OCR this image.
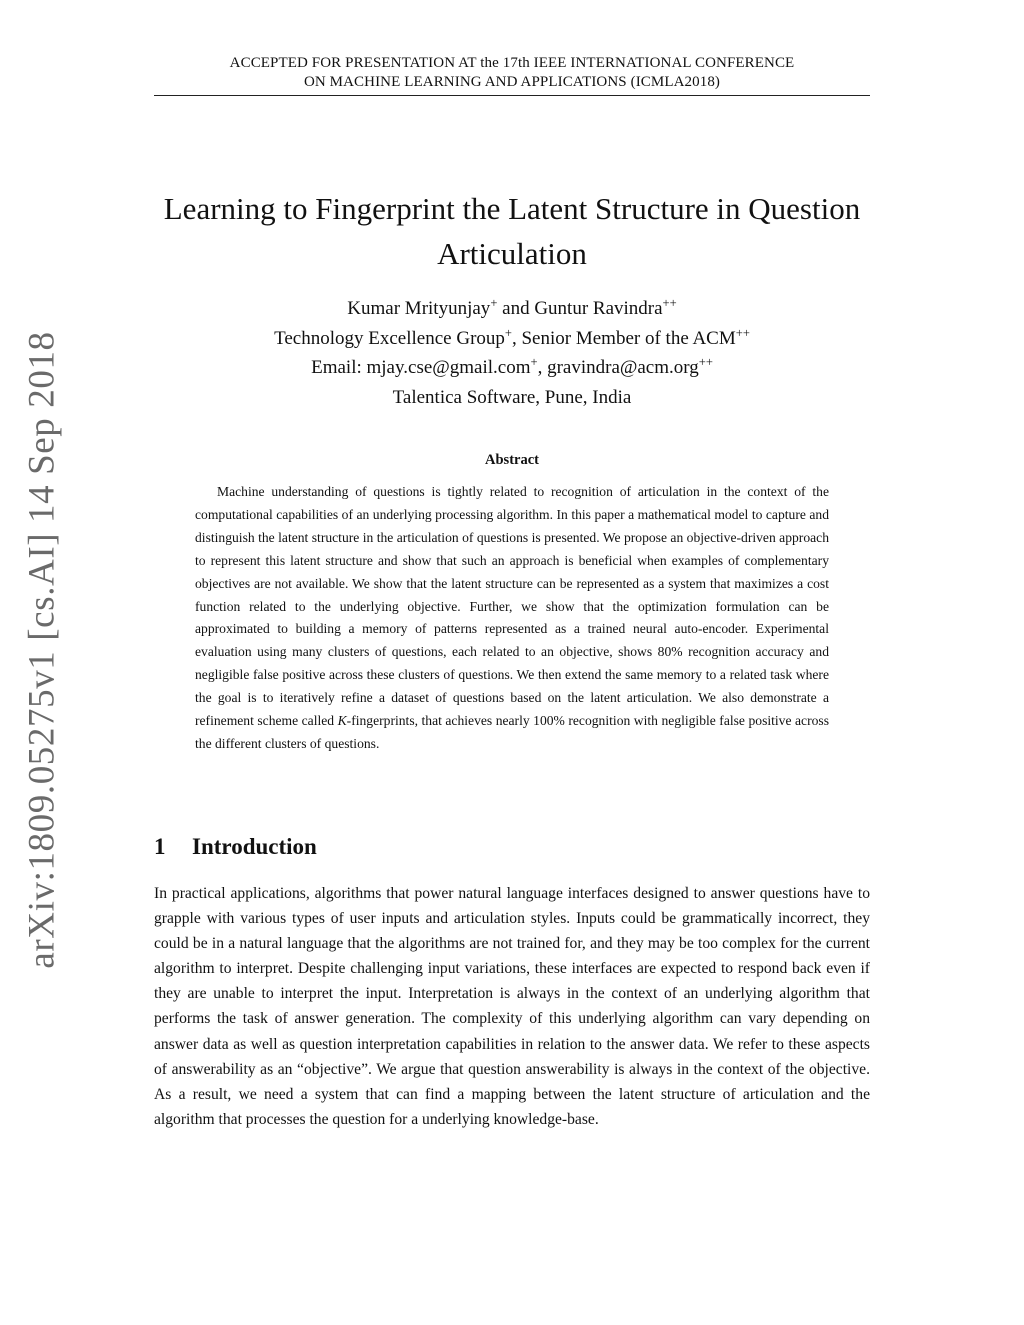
ACCEPTED FOR PRESENTATION AT the 17th IEEE INTERNATIONAL CONFERENCE
ON MACHINE LEARNING AND APPLICATIONS (ICMLA2018)
arXiv:1809.05275v1 [cs.AI] 14 Sep 2018
Learning to Fingerprint the Latent Structure in Question
Articulation
Kumar Mrityunjay+ and Guntur Ravindra++
Technology Excellence Group+, Senior Member of the ACM++
Email: mjay.cse@gmail.com+, gravindra@acm.org++
Talentica Software, Pune, India
Abstract

Machine understanding of questions is tightly related to recognition of articulation in the context of the computational capabilities of an underlying processing algorithm. In this paper a mathematical model to capture and distinguish the latent structure in the articulation of questions is presented. We propose an objective-driven approach to represent this latent structure and show that such an approach is beneficial when examples of complementary objectives are not available. We show that the latent structure can be represented as a system that maximizes a cost function related to the underlying objective. Further, we show that the optimization formulation can be approximated to building a memory of patterns represented as a trained neural auto-encoder. Experimental evaluation using many clusters of questions, each related to an objective, shows 80% recognition accuracy and negligible false positive across these clusters of questions. We then extend the same memory to a related task where the goal is to iteratively refine a dataset of questions based on the latent articulation. We also demonstrate a refinement scheme called K-fingerprints, that achieves nearly 100% recognition with negligible false positive across the different clusters of questions.

1 Introduction

In practical applications, algorithms that power natural language interfaces designed to answer questions have to grapple with various types of user inputs and articulation styles. Inputs could be grammatically incorrect, they could be in a natural language that the algorithms are not trained for, and they may be too complex for the current algorithm to interpret. Despite challenging input variations, these interfaces are expected to respond back even if they are unable to interpret the input. Interpretation is always in the context of an underlying algorithm that performs the task of answer generation. The complexity of this underlying algorithm can vary depending on answer data as well as question interpretation capabilities in relation to the answer data. We refer to these aspects of answerability as an “objective”. We argue that question answerability is always in the context of the objective. As a result, we need a system that can find a mapping between the latent structure of articulation and the algorithm that processes the question for a underlying knowledge-base.
